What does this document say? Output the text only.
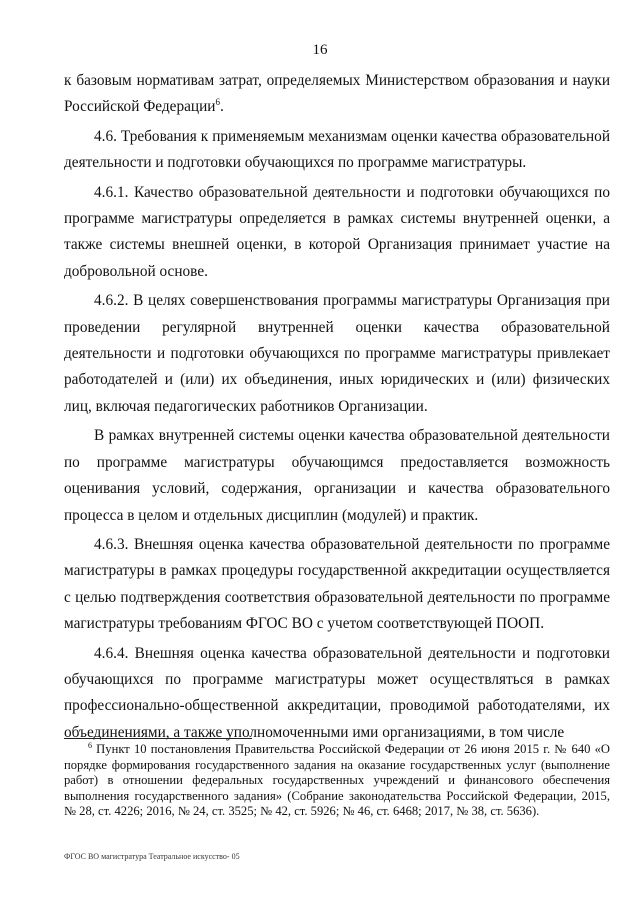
16

к базовым нормативам затрат, определяемых Министерством образования и науки Российской Федерации$^6$.

4.6. Требования к применяемым механизмам оценки качества образовательной деятельности и подготовки обучающихся по программе магистратуры.

4.6.1. Качество образовательной деятельности и подготовки обучающихся по программе магистратуры определяется в рамках системы внутренней оценки, а также системы внешней оценки, в которой Организация принимает участие на добровольной основе.

4.6.2. В целях совершенствования программы магистратуры Организация при проведении регулярной внутренней оценки качества образовательной деятельности и подготовки обучающихся по программе магистратуры привлекает работодателей и (или) их объединения, иных юридических и (или) физических лиц, включая педагогических работников Организации.

В рамках внутренней системы оценки качества образовательной деятельности по программе магистратуры обучающимся предоставляется возможность оценивания условий, содержания, организации и качества образовательного процесса в целом и отдельных дисциплин (модулей) и практик.

4.6.3. Внешняя оценка качества образовательной деятельности по программе магистратуры в рамках процедуры государственной аккредитации осуществляется с целью подтверждения соответствия образовательной деятельности по программе магистратуры требованиям ФГОС ВО с учетом соответствующей ПООП.

4.6.4. Внешняя оценка качества образовательной деятельности и подготовки обучающихся по программе магистратуры может осуществляться в рамках профессионально-общественной аккредитации, проводимой работодателями, их объединениями, а также уполномоченными ими организациями, в том числе

$^6$ Пункт 10 постановления Правительства Российской Федерации от 26 июня 2015 г. № 640 «О порядке формирования государственного задания на оказание государственных услуг (выполнение работ) в отношении федеральных государственных учреждений и финансового обеспечения выполнения государственного задания» (Собрание законодательства Российской Федерации, 2015, № 28, ст. 4226; 2016, № 24, ст. 3525; № 42, ст. 5926; № 46, ст. 6468; 2017, № 38, ст. 5636).
ФГОС ВО магистратура Театральное искусство- 05
